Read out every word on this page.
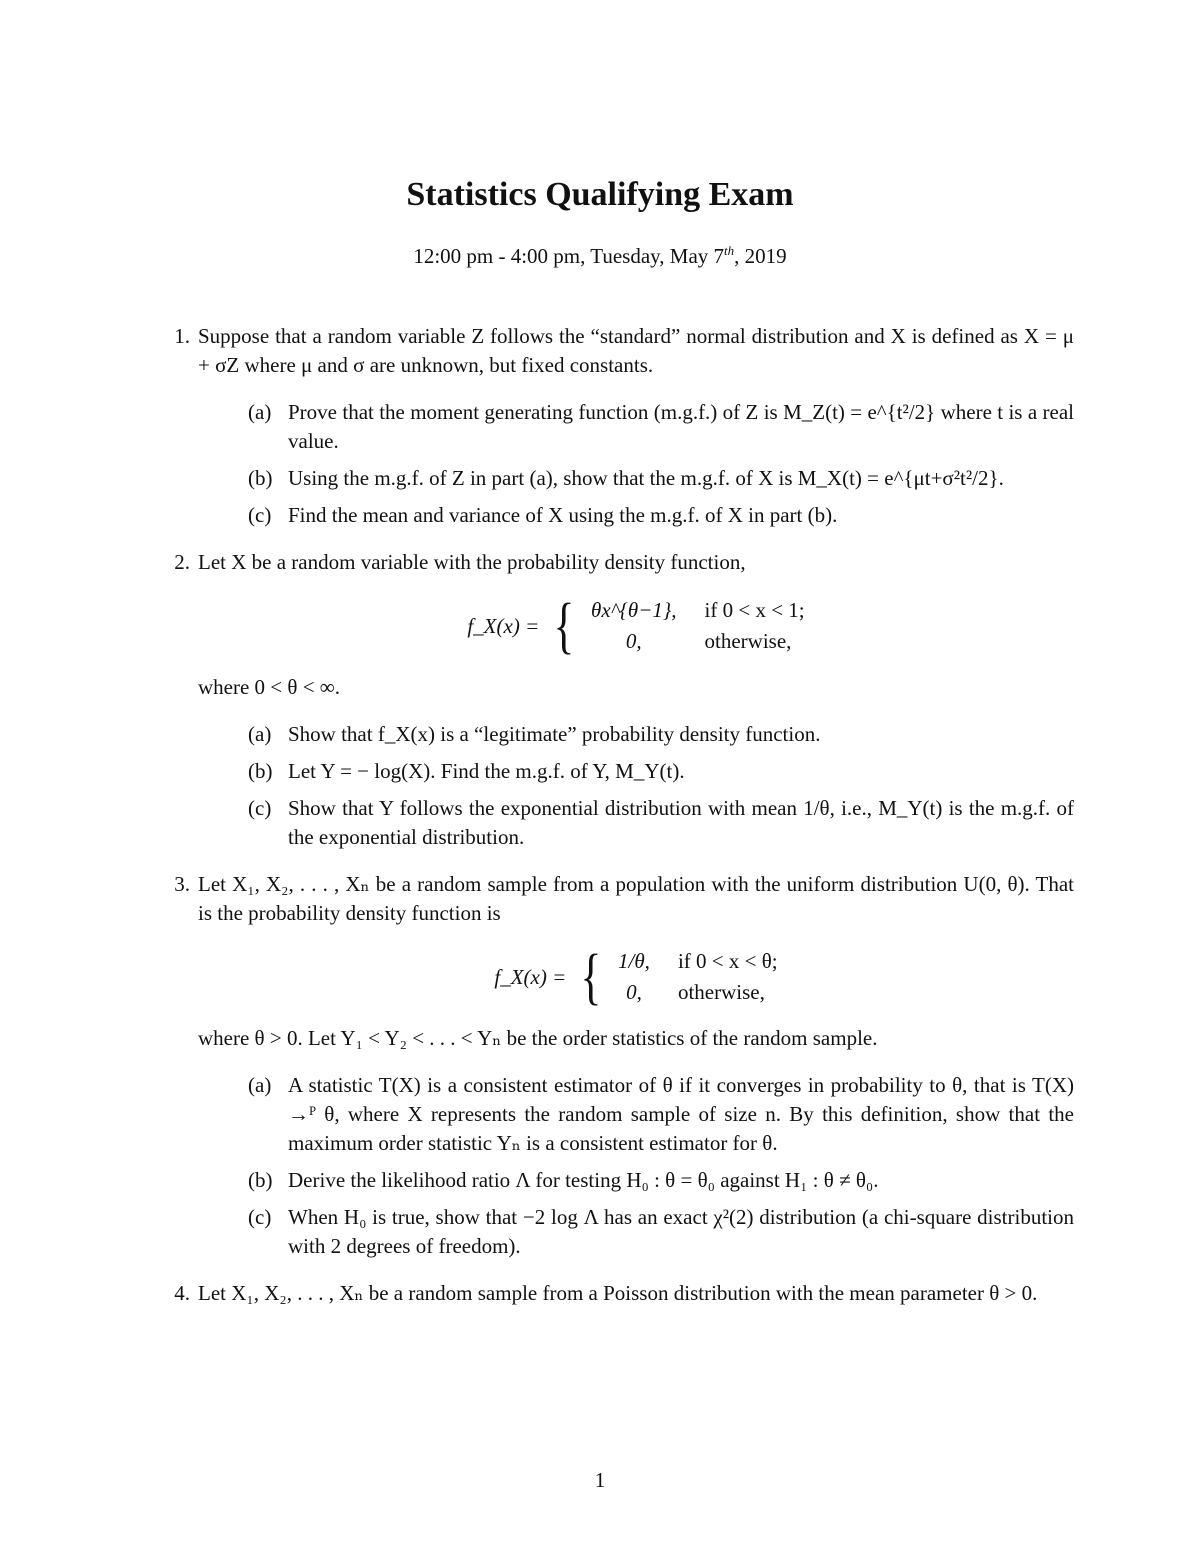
Statistics Qualifying Exam
12:00 pm - 4:00 pm, Tuesday, May 7th, 2019
1. Suppose that a random variable Z follows the “standard” normal distribution and X is defined as X = μ + σZ where μ and σ are unknown, but fixed constants.
(a) Prove that the moment generating function (m.g.f.) of Z is M_Z(t) = e^{t²/2} where t is a real value.
(b) Using the m.g.f. of Z in part (a), show that the m.g.f. of X is M_X(t) = e^{μt+σ²t²/2}.
(c) Find the mean and variance of X using the m.g.f. of X in part (b).
2. Let X be a random variable with the probability density function,
f_X(x) = { θx^{θ−1}, if 0 < x < 1;
0,	otherwise,
where 0 < θ < ∞.
(a) Show that f_X(x) is a “legitimate” probability density function.
(b) Let Y = − log(X). Find the m.g.f. of Y, M_Y(t).
(c) Show that Y follows the exponential distribution with mean 1/θ, i.e., M_Y(t) is the m.g.f. of the exponential distribution.
3. Let X₁, X₂, . . . , Xₙ be a random sample from a population with the uniform distribution U(0, θ). That is the probability density function is
f_X(x) = { 1/θ, if 0 < x < θ;
0,	otherwise,
where θ > 0. Let Y₁ < Y₂ < . . . < Yₙ be the order statistics of the random sample.
(a) A statistic T(X) is a consistent estimator of θ if it converges in probability to θ, that is T(X) →ᴾ θ, where X represents the random sample of size n. By this definition, show that the maximum order statistic Yₙ is a consistent estimator for θ.
(b) Derive the likelihood ratio Λ for testing H₀ : θ = θ₀ against H₁ : θ ≠ θ₀.
(c) When H₀ is true, show that −2 log Λ has an exact χ²(2) distribution (a chi-square distribution with 2 degrees of freedom).
4. Let X₁, X₂, . . . , Xₙ be a random sample from a Poisson distribution with the mean parameter θ > 0.
1
